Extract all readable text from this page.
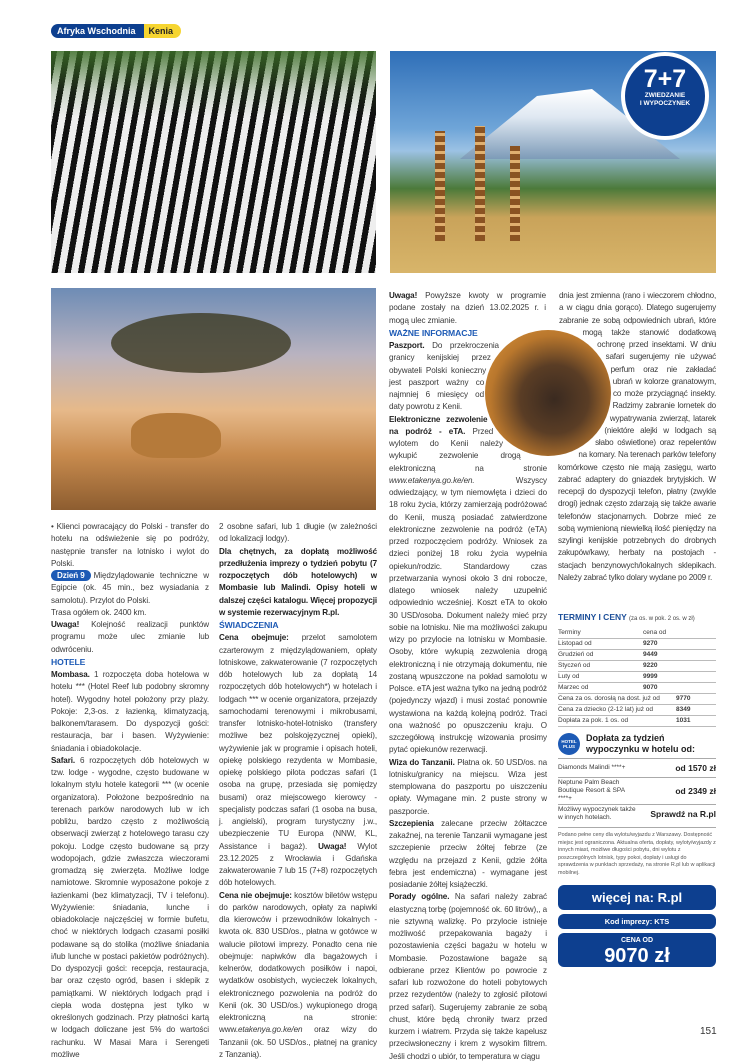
Afryka Wschodnia	Kenia
7+7
ZWIEDZANIE
I WYPOCZYNEK

• Klienci powracający do Polski - transfer do hotelu na odświeżenie się po podróży, następnie transfer na lotnisko i wylot do Polski.

Dzień 9 Międzylądowanie techniczne w Egipcie (ok. 45 min., bez wysiadania z samolotu). Przylot do Polski.

Trasa ogółem ok. 2400 km.

Uwaga! Kolejność realizacji punktów programu może ulec zmianie lub odwróceniu.

HOTELE

Mombasa. 1 rozpoczęta doba hotelowa w hotelu *** (Hotel Reef lub podobny skromny hotel). Wygodny hotel położony przy plaży. Pokoje: 2,3-os. z łazienką, klimatyzacją, balkonem/tarasem. Do dyspozycji gości: restauracja, bar i basen. Wyżywienie: śniadania i obiadokolacje.

Safari. 6 rozpoczętych dób hotelowych w tzw. lodge - wygodne, często budowane w lokalnym stylu hotele kategorii *** (w ocenie organizatora). Położone bezpośrednio na terenach parków narodowych lub w ich pobliżu, bardzo często z możliwością obserwacji zwierząt z hotelowego tarasu czy pokoju. Lodge często budowane są przy wodopojach, gdzie zwłaszcza wieczorami gromadzą się zwierzęta. Możliwe lodge namiotowe. Skromnie wyposażone pokoje z łazienkami (bez klimatyzacji, TV i telefonu). Wyżywienie: śniadania, lunche i obiadokolacje najczęściej w formie bufetu, choć w niektórych lodgach czasami posiłki podawane są do stolika (możliwe śniadania i/lub lunche w postaci pakietów podróżnych). Do dyspozycji gości: recepcja, restauracja, bar oraz często ogród, basen i sklepik z pamiątkami. W niektórych lodgach prąd i ciepła woda dostępna jest tylko w określonych godzinach. Przy płatności kartą w lodgach doliczane jest 5% do wartości rachunku. W Masai Mara i Serengeti możliwe

2 osobne safari, lub 1 długie (w zależności od lokalizacji lodgy).

Dla chętnych, za dopłatą możliwość przedłużenia imprezy o tydzień pobytu (7 rozpoczętych dób hotelowych) w Mombasie lub Malindi. Opisy hoteli w dalszej części katalogu. Więcej propozycji w systemie rezerwacyjnym R.pl.

ŚWIADCZENIA

Cena obejmuje: przelot samolotem czarterowym z międzylądowaniem, opłaty lotniskowe, zakwaterowanie (7 rozpoczętych dób hotelowych lub za dopłatą 14 rozpoczętych dób hotelowych*) w hotelach i lodgach *** w ocenie organizatora, przejazdy samochodami terenowymi i mikrobusami, transfer lotnisko-hotel-lotnisko (transfery możliwe bez polskojęzycznej opieki), wyżywienie jak w programie i opisach hoteli, opiekę polskiego rezydenta w Mombasie, opiekę polskiego pilota podczas safari (1 osoba na grupę, przesiada się pomiędzy busami) oraz miejscowego kierowcy - specjalisty podczas safari (1 osoba na busa, j. angielski), program turystyczny j.w., ubezpieczenie TU Europa (NNW, KL, Assistance i bagaż). Uwaga! Wylot 23.12.2025 z Wrocławia i Gdańska zakwaterowanie 7 lub 15 (7+8) rozpoczętych dób hotelowych.

Cena nie obejmuje: kosztów biletów wstępu do parków narodowych, opłaty za napiwki dla kierowców i przewodników lokalnych - kwota ok. 830 USD/os., płatna w gotówce w walucie pilotowi imprezy. Ponadto cena nie obejmuje: napiwków dla bagażowych i kelnerów, dodatkowych posiłków i napoi, wydatków osobistych, wycieczek lokalnych, elektronicznego pozwolenia na podróż do Kenii (ok. 30 USD/os.) wykupionego drogą elektroniczną na stronie: www.etakenya.go.ke/en oraz wizy do Tanzanii (ok. 50 USD/os., płatnej na granicy z Tanzanią).

Uwaga! Powyższe kwoty w programie podane zostały na dzień 13.02.2025 r. i mogą ulec zmianie.

WAŻNE INFORMACJE

Paszport. Do przekroczenia granicy kenijskiej przez obywateli Polski konieczny jest paszport ważny co najmniej 6 miesięcy od daty powrotu z Kenii.

Elektroniczne zezwolenie na podróż - eTA. Przed wylotem do Kenii należy wykupić zezwolenie drogą elektroniczną na stronie www.etakenya.go.ke/en. Wszyscy odwiedzający, w tym niemowlęta i dzieci do 18 roku życia, którzy zamierzają podróżować do Kenii, muszą posiadać zatwierdzone elektroniczne zezwolenie na podróż (eTA) przed rozpoczęciem podróży. Wniosek za dzieci poniżej 18 roku życia wypełnia opiekun/rodzic. Standardowy czas przetwarzania wynosi około 3 dni robocze, dlatego wniosek należy uzupełnić odpowiednio wcześniej. Koszt eTA to około 30 USD/osoba. Dokument należy mieć przy sobie na lotnisku. Nie ma możliwości zakupu wizy po przylocie na lotnisku w Mombasie. Osoby, które wykupią zezwolenia drogą elektroniczną i nie otrzymają dokumentu, nie zostaną wpuszczone na pokład samolotu w Polsce. eTA jest ważna tylko na jedną podróż (pojedynczy wjazd) i musi zostać ponownie wystawiona na każdą kolejną podróż. Traci ona ważność po opuszczeniu kraju. O szczegółową instrukcję wizowania prosimy pytać opiekunów rezerwacji.

Wiza do Tanzanii. Płatna ok. 50 USD/os. na lotnisku/granicy na miejscu. Wiza jest stemplowana do paszportu po uiszczeniu opłaty. Wymagane min. 2 puste strony w paszporcie.

Szczepienia zalecane przeciw żółtaczce zakaźnej, na terenie Tanzanii wymagane jest szczepienie przeciw żółtej febrze (ze względu na przejazd z Kenii, gdzie żółta febra jest endemiczna) - wymagane jest posiadanie żółtej książeczki.

Porady ogólne. Na safari należy zabrać elastyczną torbę (pojemność ok. 60 litrów),, a nie sztywną walizkę. Po przylocie istnieje możliwość przepakowania bagaży i pozostawienia części bagażu w hotelu w Mombasie. Pozostawione bagaże są odbierane przez Klientów po powrocie z safari lub rozwożone do hoteli pobytowych przez rezydentów (należy to zgłosić pilotowi przed safari). Sugerujemy zabranie ze sobą chust, które będą chroniły twarz przed kurzem i wiatrem. Przyda się także kapelusz przeciwsłoneczny i krem z wysokim filtrem. Jeśli chodzi o ubiór, to temperatura w ciągu

dnia jest zmienna (rano i wieczorem chłodno, a w ciągu dnia gorąco). Dlatego sugerujemy zabranie ze sobą odpowiednich ubrań, które mogą także stanowić dodatkową ochronę przed insektami. W dniu safari sugerujemy nie używać perfum oraz nie zakładać ubrań w kolorze granatowym, co może przyciągnąć insekty. Radzimy zabranie lornetek do wypatrywania zwierząt, latarek (niektóre alejki w lodgach są słabo oświetlone) oraz repelentów na komary. Na terenach parków telefony komórkowe często nie mają zasięgu, warto zabrać adaptery do gniazdek brytyjskich. W recepcji do dyspozycji telefon, płatny (zwykle drogi) jednak często zdarzają się także awarie telefonów stacjonarnych. Dobrze mieć ze sobą wymienioną niewielką ilość pieniędzy na szylingi kenijskie potrzebnych do drobnych zakupów/kawy, herbaty na postojach - stacjach benzynowych/lokalnych sklepikach. Należy zabrać tylko dolary wydane po 2009 r.

TERMINY I CENY (za os. w pok. 2 os. w zł)
Terminy	cena od
Listopad od	9270
Grudzień od	9449
Styczeń od	9220
Luty od	9999
Marzec od	9070
Cena za os. dorosłą na dost. już od	9770
Cena za dziecko (2-12 lat) już od	8349
Dopłata za pok. 1 os. od	1031
HOTEL
PLUS
Dopłata za tydzień wypoczynku w hotelu od:
Diamonds Malindi ****+	od 1570 zł
Neptune Palm Beach Boutique Resort & SPA ****+
od 2349 zł
Możliwy wypoczynek także w innych hotelach.	Sprawdź na R.pl
Podano pełne ceny dla wylotu/wyjazdu z Warszawy. Dostępność miejsc jest ograniczona. Aktualna oferta, dopłaty, wyloty/wyjazdy z innych miast, możliwe długości pobytu, dni wylotu z poszczególnych lotnisk, typy pokoi, dopłaty i usługi do sprawdzenia w punktach sprzedaży, na stronie R.pl lub w aplikacji mobilnej.
więcej na: R.pl
Kod imprezy: KTS
CENA OD
9070 zł
151
